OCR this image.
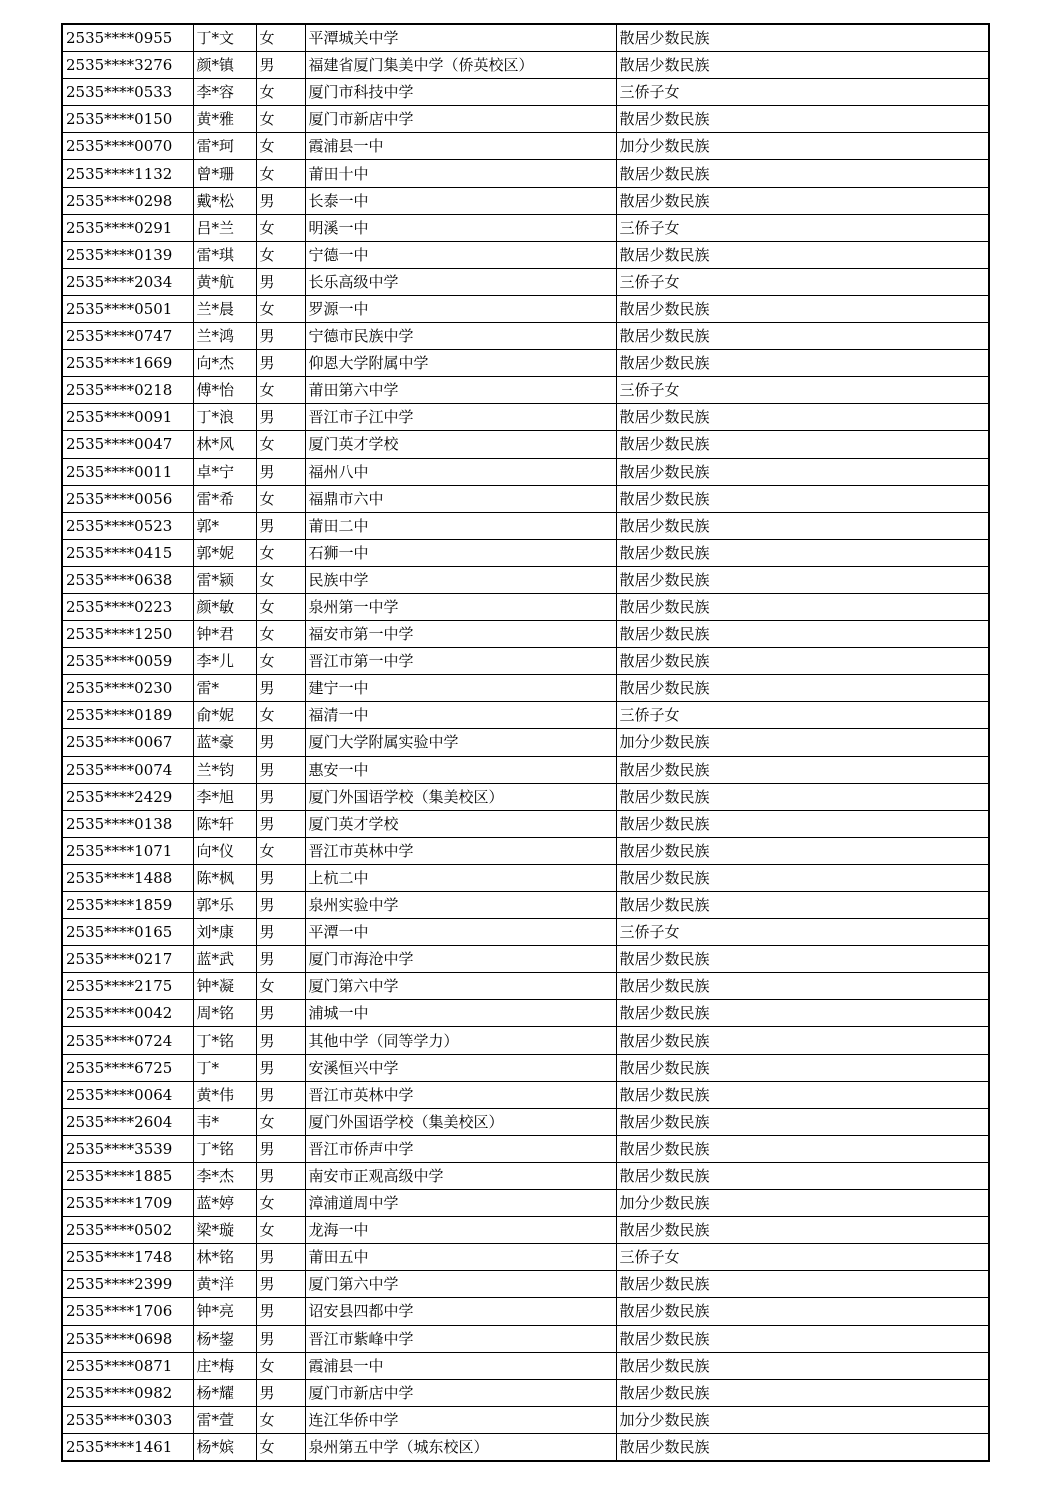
2535****0955	丁*文	女	平潭城关中学	散居少数民族
2535****3276	颜*镇	男	福建省厦门集美中学（侨英校区）	散居少数民族
2535****0533	李*容	女	厦门市科技中学	三侨子女
2535****0150	黄*雅	女	厦门市新店中学	散居少数民族
2535****0070	雷*珂	女	霞浦县一中	加分少数民族
2535****1132	曾*珊	女	莆田十中	散居少数民族
2535****0298	戴*松	男	长泰一中	散居少数民族
2535****0291	吕*兰	女	明溪一中	三侨子女
2535****0139	雷*琪	女	宁德一中	散居少数民族
2535****2034	黄*航	男	长乐高级中学	三侨子女
2535****0501	兰*晨	女	罗源一中	散居少数民族
2535****0747	兰*鸿	男	宁德市民族中学	散居少数民族
2535****1669	向*杰	男	仰恩大学附属中学	散居少数民族
2535****0218	傅*怡	女	莆田第六中学	三侨子女
2535****0091	丁*浪	男	晋江市子江中学	散居少数民族
2535****0047	林*风	女	厦门英才学校	散居少数民族
2535****0011	卓*宁	男	福州八中	散居少数民族
2535****0056	雷*希	女	福鼎市六中	散居少数民族
2535****0523	郭*	男	莆田二中	散居少数民族
2535****0415	郭*妮	女	石狮一中	散居少数民族
2535****0638	雷*颍	女	民族中学	散居少数民族
2535****0223	颜*敏	女	泉州第一中学	散居少数民族
2535****1250	钟*君	女	福安市第一中学	散居少数民族
2535****0059	李*儿	女	晋江市第一中学	散居少数民族
2535****0230	雷*	男	建宁一中	散居少数民族
2535****0189	俞*妮	女	福清一中	三侨子女
2535****0067	蓝*豪	男	厦门大学附属实验中学	加分少数民族
2535****0074	兰*钧	男	惠安一中	散居少数民族
2535****2429	李*旭	男	厦门外国语学校（集美校区）	散居少数民族
2535****0138	陈*轩	男	厦门英才学校	散居少数民族
2535****1071	向*仪	女	晋江市英林中学	散居少数民族
2535****1488	陈*枫	男	上杭二中	散居少数民族
2535****1859	郭*乐	男	泉州实验中学	散居少数民族
2535****0165	刘*康	男	平潭一中	三侨子女
2535****0217	蓝*武	男	厦门市海沧中学	散居少数民族
2535****2175	钟*凝	女	厦门第六中学	散居少数民族
2535****0042	周*铭	男	浦城一中	散居少数民族
2535****0724	丁*铭	男	其他中学（同等学力）	散居少数民族
2535****6725	丁*	男	安溪恒兴中学	散居少数民族
2535****0064	黄*伟	男	晋江市英林中学	散居少数民族
2535****2604	韦*	女	厦门外国语学校（集美校区）	散居少数民族
2535****3539	丁*铭	男	晋江市侨声中学	散居少数民族
2535****1885	李*杰	男	南安市正观高级中学	散居少数民族
2535****1709	蓝*婷	女	漳浦道周中学	加分少数民族
2535****0502	梁*璇	女	龙海一中	散居少数民族
2535****1748	林*铭	男	莆田五中	三侨子女
2535****2399	黄*洋	男	厦门第六中学	散居少数民族
2535****1706	钟*亮	男	诏安县四都中学	散居少数民族
2535****0698	杨*鋆	男	晋江市紫峰中学	散居少数民族
2535****0871	庄*梅	女	霞浦县一中	散居少数民族
2535****0982	杨*耀	男	厦门市新店中学	散居少数民族
2535****0303	雷*萱	女	连江华侨中学	加分少数民族
2535****1461	杨*嫔	女	泉州第五中学（城东校区）	散居少数民族
